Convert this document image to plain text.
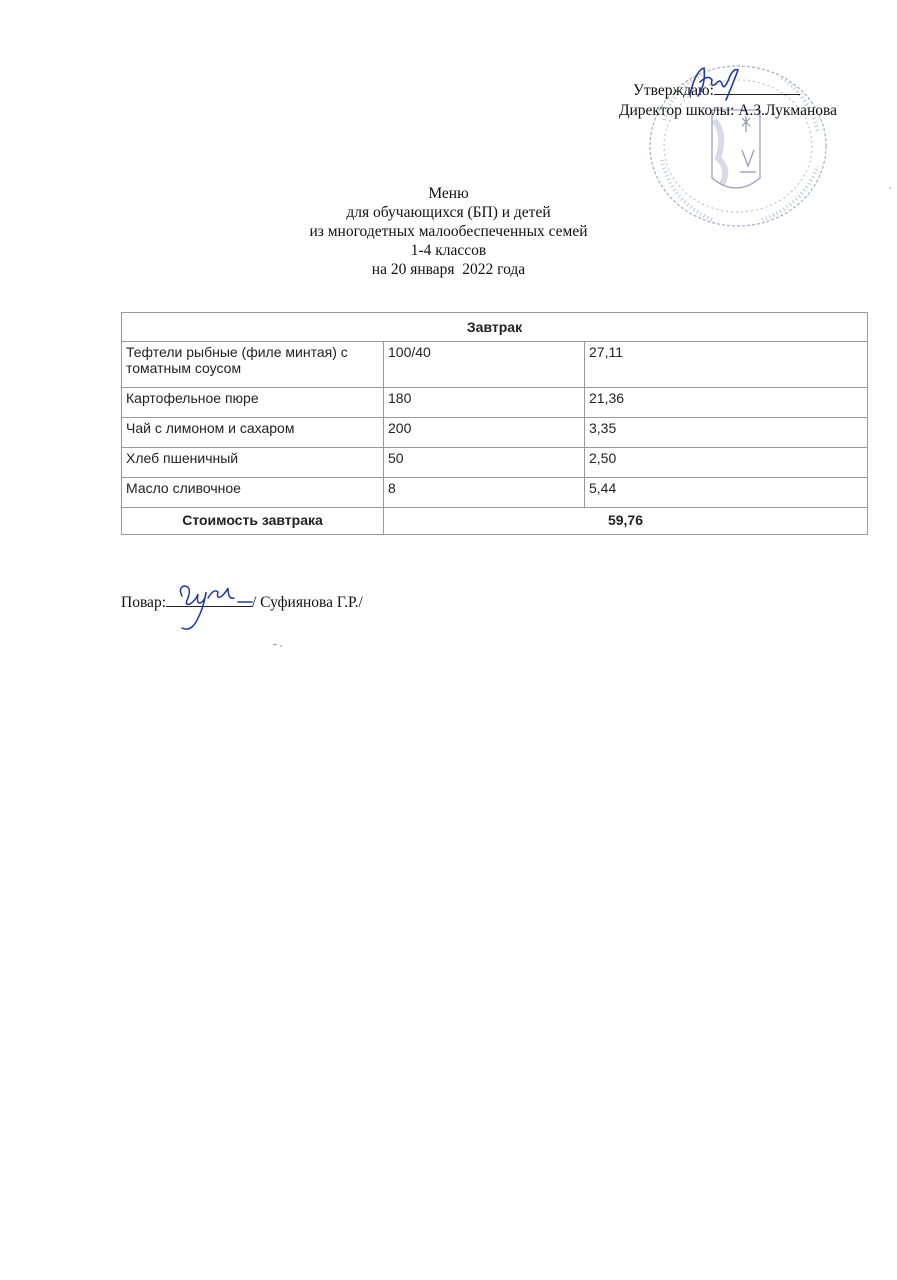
Утверждаю:
Директор школы: А.З.Лукманова
Меню
для обучающихся (БП) и детей
из многодетных малообеспеченных семей
1-4 классов
на 20 января  2022 года
Завтрак		
Тефтели рыбные (филе минтая) с томатным соусом	100/40	27,11
Картофельное пюре	180	21,36
Чай с лимоном и сахаром	200	3,35
Хлеб пшеничный	50	2,50
Масло сливочное	8	5,44
Стоимость завтрака	59,76	
Повар:	/ Суфиянова Г.Р./
